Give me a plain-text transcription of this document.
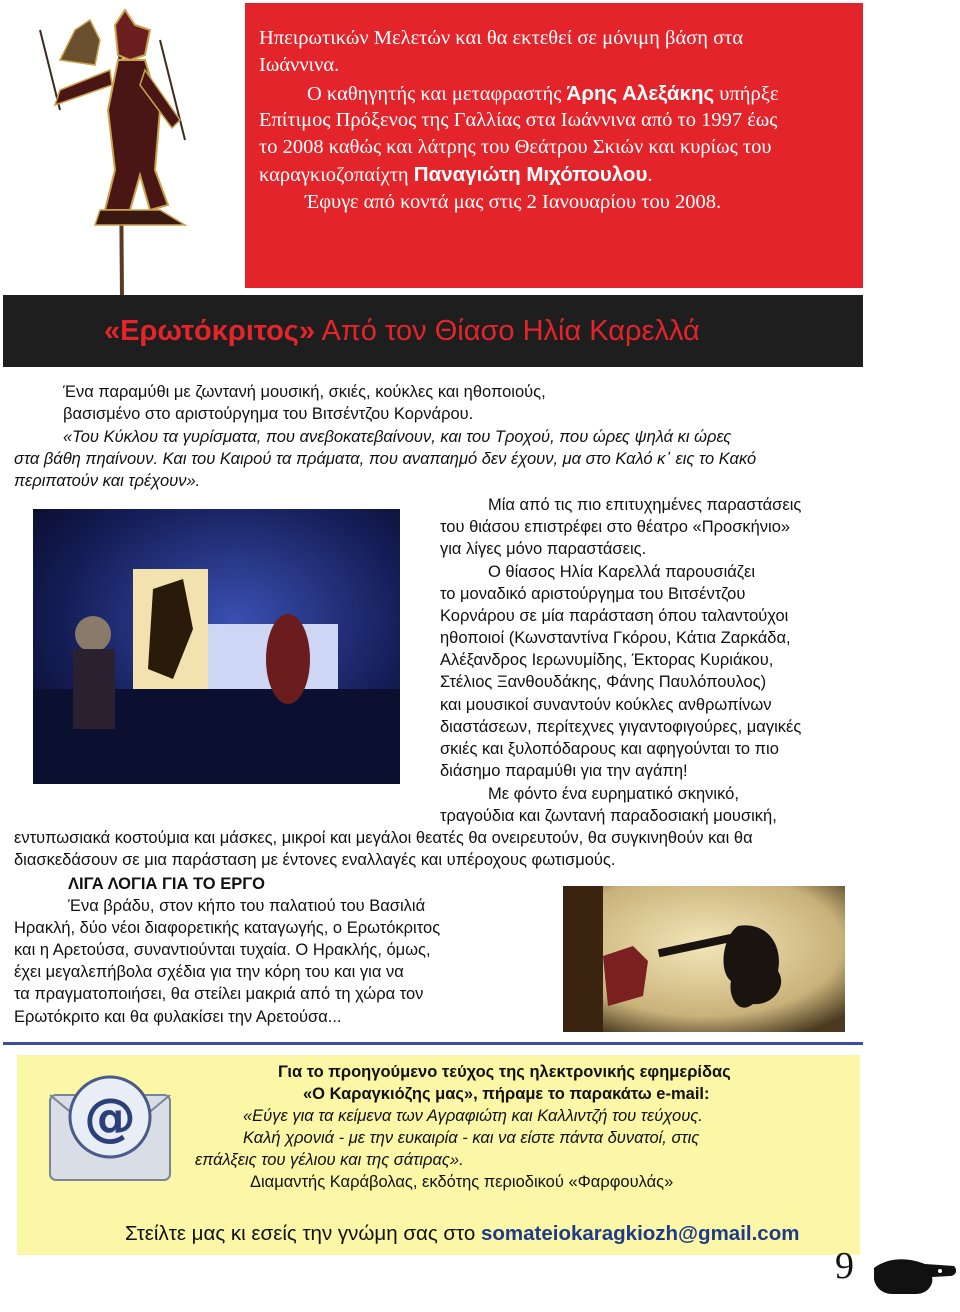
Ηπειρωτικών Μελετών και θα εκτεθεί σε μόνιμη βάση στα
Ιωάννινα.
Ο καθηγητής και μεταφραστής Άρης Αλεξάκης υπήρξε
Επίτιμος Πρόξενος της Γαλλίας στα Ιωάννινα από το 1997 έως
το 2008 καθώς και λάτρης του Θεάτρου Σκιών και κυρίως του
καραγκιοζοπαίχτη Παναγιώτη Μιχόπουλου.
Έφυγε από κοντά μας στις 2 Ιανουαρίου του 2008.
«Ερωτόκριτος» Από τον Θίασο Ηλία Καρελλά
Ένα παραμύθι με ζωντανή μουσική, σκιές, κούκλες και ηθοποιούς,
βασισμένο στο αριστούργημα του Βιτσέντζου Κορνάρου.
«Του Κύκλου τα γυρίσματα, που ανεβοκατεβαίνουν, και του Τροχού, που ώρες ψηλά κι ώρες
στα βάθη πηαίνουν. Και του Καιρού τα πράματα, που αναπαημό δεν έχουν, μα στο Καλό κ᾽ εις το Κακό
περιπατούν και τρέχουν».
Μία από τις πιο επιτυχημένες παραστάσεις
του θιάσου επιστρέφει στο θέατρο «Προσκήνιο»
για λίγες μόνο παραστάσεις.
Ο θίασος Ηλία Καρελλά παρουσιάζει
το μοναδικό αριστούργημα του Βιτσέντζου
Κορνάρου σε μία παράσταση όπου ταλαντούχοι
ηθοποιοί (Κωνσταντίνα Γκόρου, Κάτια Ζαρκάδα,
Αλέξανδρος Ιερωνυμίδης, Έκτορας Κυριάκου,
Στέλιος Ξανθουδάκης, Φάνης Παυλόπουλος)
και μουσικοί συναντούν κούκλες ανθρωπίνων
διαστάσεων, περίτεχνες γιγαντοφιγούρες, μαγικές
σκιές και ξυλοπόδαρους και αφηγούνται το πιο
διάσημο παραμύθι για την αγάπη!
Με φόντο ένα ευρηματικό σκηνικό,
τραγούδια και ζωντανή παραδοσιακή μουσική,
εντυπωσιακά κοστούμια και μάσκες, μικροί και μεγάλοι θεατές θα ονειρευτούν, θα συγκινηθούν και θα
διασκεδάσουν σε μια παράσταση με έντονες εναλλαγές και υπέροχους φωτισμούς.
ΛΙΓΑ ΛΟΓΙΑ ΓΙΑ ΤΟ ΕΡΓΟ
Ένα βράδυ, στον κήπο του παλατιού του Βασιλιά
Ηρακλή, δύο νέοι διαφορετικής καταγωγής, ο Ερωτόκριτος
και η Αρετούσα, συναντιούνται τυχαία. Ο Ηρακλής, όμως,
έχει μεγαλεπήβολα σχέδια για την κόρη του και για να
τα πραγματοποιήσει, θα στείλει μακριά από τη χώρα τον
Ερωτόκριτο και θα φυλακίσει την Αρετούσα...
@
Για το προηγούμενο τεύχος της ηλεκτρονικής εφημερίδας
«Ο Καραγκιόζης μας», πήραμε το παρακάτω e-mail:
«Εύγε για τα κείμενα των Αγραφιώτη και Καλλιντζή του τεύχους.
Καλή χρονιά - με την ευκαιρία - και να είστε πάντα δυνατοί, στις
επάλξεις του γέλιου και της σάτιρας».
Διαμαντής Καράβολας, εκδότης περιοδικού «Φαρφουλάς»
Στείλτε μας κι εσείς την γνώμη σας στο somateiokaragkiozh@gmail.com
9
